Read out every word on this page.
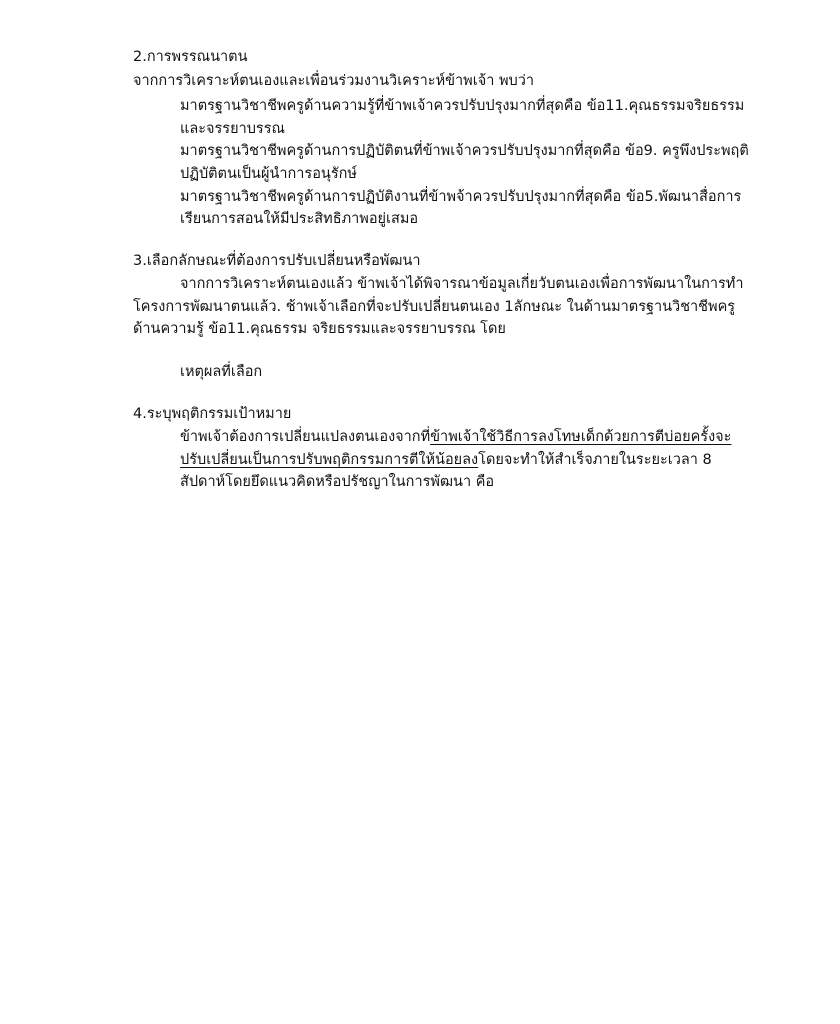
2.การพรรณนาตน
จากการวิเคราะห์ตนเองและเพื่อนร่วมงานวิเคราะห์ข้าพเจ้า พบว่า
มาตรฐานวิชาชีพครูด้านความรู้ที่ข้าพเจ้าควรปรับปรุงมากที่สุดคือ ข้อ11.คุณธรรมจริยธรรม
และจรรยาบรรณ
มาตรฐานวิชาชีพครูด้านการปฏิบัติตนที่ข้าพเจ้าควรปรับปรุงมากที่สุดคือ ข้อ9. ครูพึงประพฤติ
ปฏิบัติตนเป็นผู้นำการอนุรักษ์
มาตรฐานวิชาชีพครูด้านการปฏิบัติงานที่ข้าพจ้าควรปรับปรุงมากที่สุดคือ ข้อ5.พัฒนาสื่อการ
เรียนการสอนให้มีประสิทธิภาพอยู่เสมอ
3.เลือกลักษณะที่ต้องการปรับเปลี่ยนหรือพัฒนา
จากการวิเคราะห์ตนเองแล้ว ข้าพเจ้าได้พิจารณาข้อมูลเกี่ยวับตนเองเพื่อการพัฒนาในการทำ
โครงการพัฒนาตนแล้ว. ช้าพเจ้าเลือกที่จะปรับเปลี่ยนตนเอง 1ลักษณะ ในด้านมาตรฐานวิชาชีพครู
ด้านความรู้ ข้อ11.คุณธรรม จริยธรรมและจรรยาบรรณ โดย
เหตุผลที่เลือก
4.ระบุพฤติกรรมเป้าหมาย
ข้าพเจ้าต้องการเปลี่ยนแปลงตนเองจากที่ข้าพเจ้าใช้วิธีการลงโทษเด็กด้วยการตีบ่อยครั้งจะ
ปรับเปลี่ยนเป็นการปรับพฤติกรรมการตีให้น้อยลงโดยจะทำให้สำเร็จภายในระยะเวลา 8
สัปดาห์โดยยึดแนวคิดหรือปรัชญาในการพัฒนา คือ
